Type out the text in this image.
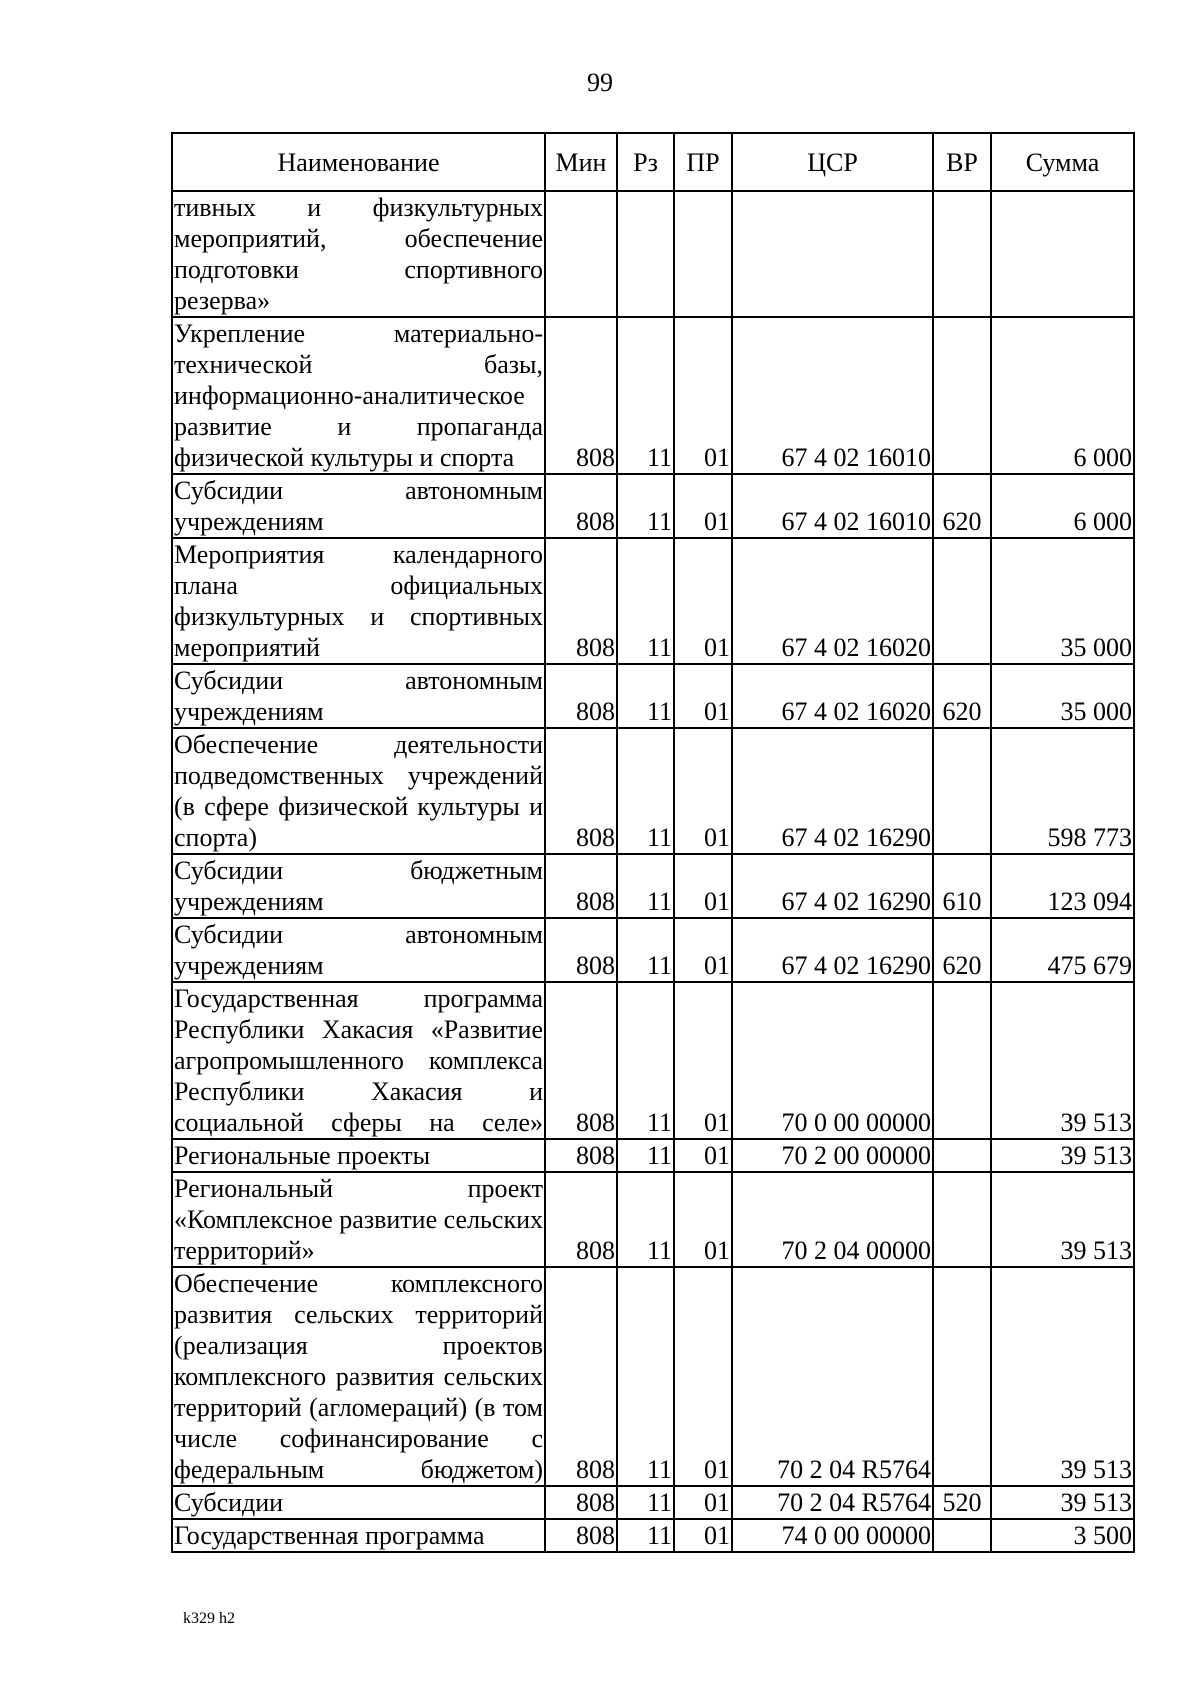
99
Наименование	Мин	Рз	ПР	ЦСР	ВР	Сумма
тивных и физкультурных мероприятий, обеспечение подготовки спортивного резерва»						
Укрепление материально-технической базы, информационно-аналитическое развитие и пропаганда физической культуры и спорта	808	11	01	67 4 02 16010		6 000
Субсидии автономным учреждениям	808	11	01	67 4 02 16010	620	6 000
Мероприятия календарного плана официальных физкультурных и спортивных мероприятий	808	11	01	67 4 02 16020		35 000
Субсидии автономным учреждениям	808	11	01	67 4 02 16020	620	35 000
Обеспечение деятельности подведомственных учреждений (в сфере физической культуры и спорта)	808	11	01	67 4 02 16290		598 773
Субсидии бюджетным учреждениям	808	11	01	67 4 02 16290	610	123 094
Субсидии автономным учреждениям	808	11	01	67 4 02 16290	620	475 679
Государственная программа Республики Хакасия «Развитие агропромышленного комплекса Республики Хакасия и социальной сферы на селе»	808	11	01	70 0 00 00000		39 513
Региональные проекты	808	11	01	70 2 00 00000		39 513
Региональный проект «Комплексное развитие сельских территорий»	808	11	01	70 2 04 00000		39 513
Обеспечение комплексного развития сельских территорий (реализация проектов комплексного развития сельских территорий (агломераций) (в том числе софинансирование с федеральным бюджетом)	808	11	01	70 2 04 R5764		39 513
Субсидии	808	11	01	70 2 04 R5764	520	39 513
Государственная программа	808	11	01	74 0 00 00000		3 500
k329 h2
